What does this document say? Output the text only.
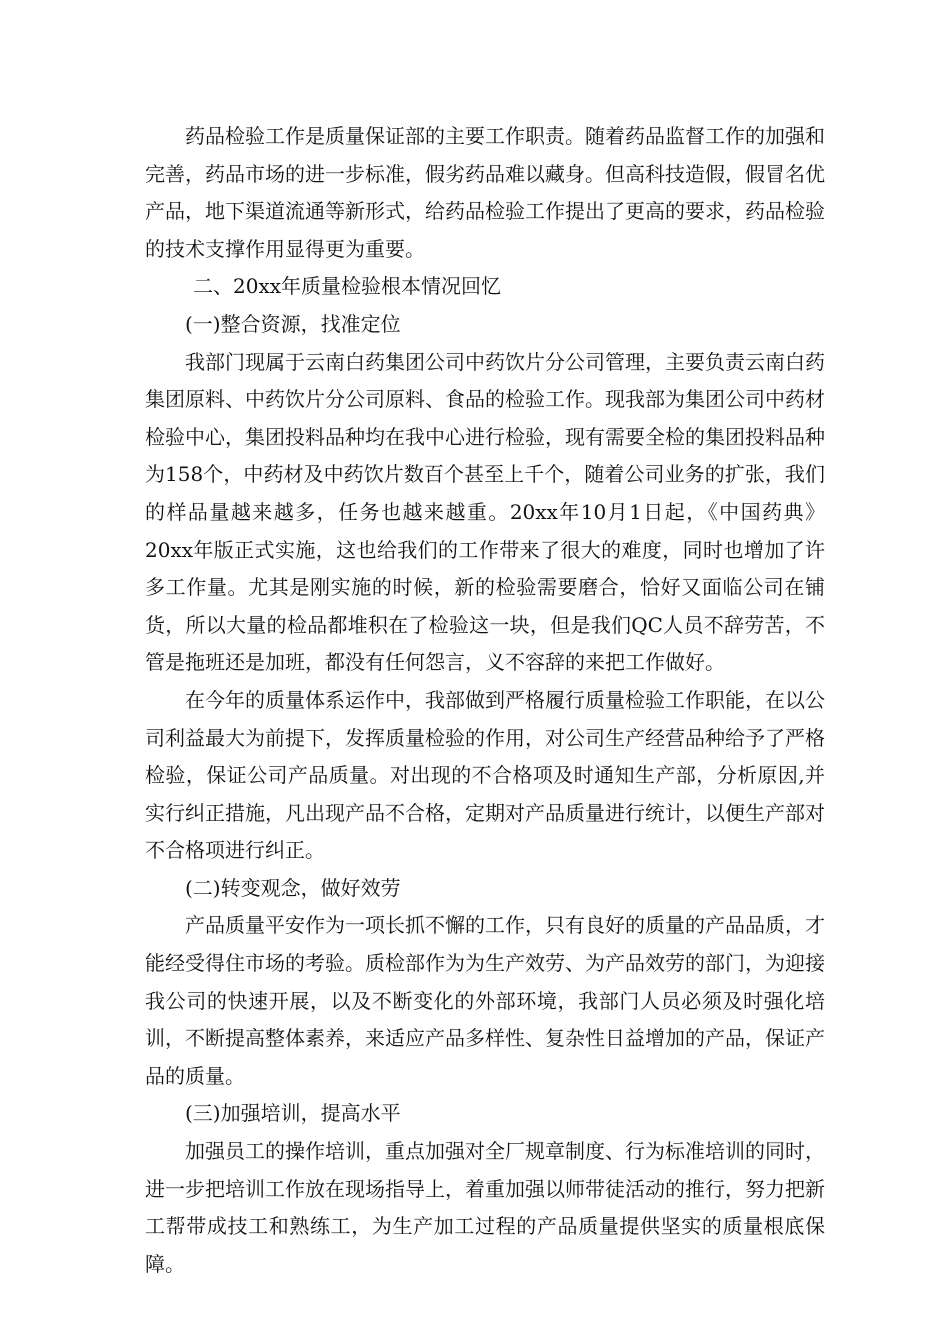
药品检验工作是质量保证部的主要工作职责。随着药品监督工作的加强和完善，药品市场的进一步标准，假劣药品难以藏身。但高科技造假，假冒名优产品，地下渠道流通等新形式，给药品检验工作提出了更高的要求，药品检验的技术支撑作用显得更为重要。

二、20xx年质量检验根本情况回忆

(一)整合资源，找准定位

我部门现属于云南白药集团公司中药饮片分公司管理，主要负责云南白药集团原料、中药饮片分公司原料、食品的检验工作。现我部为集团公司中药材检验中心，集团投料品种均在我中心进行检验，现有需要全检的集团投料品种为158个，中药材及中药饮片数百个甚至上千个，随着公司业务的扩张，我们的样品量越来越多，任务也越来越重。20xx年10月1日起，《中国药典》20xx年版正式实施，这也给我们的工作带来了很大的难度，同时也增加了许多工作量。尤其是刚实施的时候，新的检验需要磨合，恰好又面临公司在铺货，所以大量的检品都堆积在了检验这一块，但是我们QC人员不辞劳苦，不管是拖班还是加班，都没有任何怨言，义不容辞的来把工作做好。

在今年的质量体系运作中，我部做到严格履行质量检验工作职能，在以公司利益最大为前提下，发挥质量检验的作用，对公司生产经营品种给予了严格检验，保证公司产品质量。对出现的不合格项及时通知生产部，分析原因,并实行纠正措施，凡出现产品不合格，定期对产品质量进行统计，以便生产部对不合格项进行纠正。

(二)转变观念，做好效劳

产品质量平安作为一项长抓不懈的工作，只有良好的质量的产品品质，才能经受得住市场的考验。质检部作为为生产效劳、为产品效劳的部门，为迎接我公司的快速开展，以及不断变化的外部环境，我部门人员必须及时强化培训，不断提高整体素养，来适应产品多样性、复杂性日益增加的产品，保证产品的质量。

(三)加强培训，提高水平

加强员工的操作培训，重点加强对全厂规章制度、行为标准培训的同时，进一步把培训工作放在现场指导上，着重加强以师带徒活动的推行，努力把新工帮带成技工和熟练工，为生产加工过程的产品质量提供坚实的质量根底保障。
